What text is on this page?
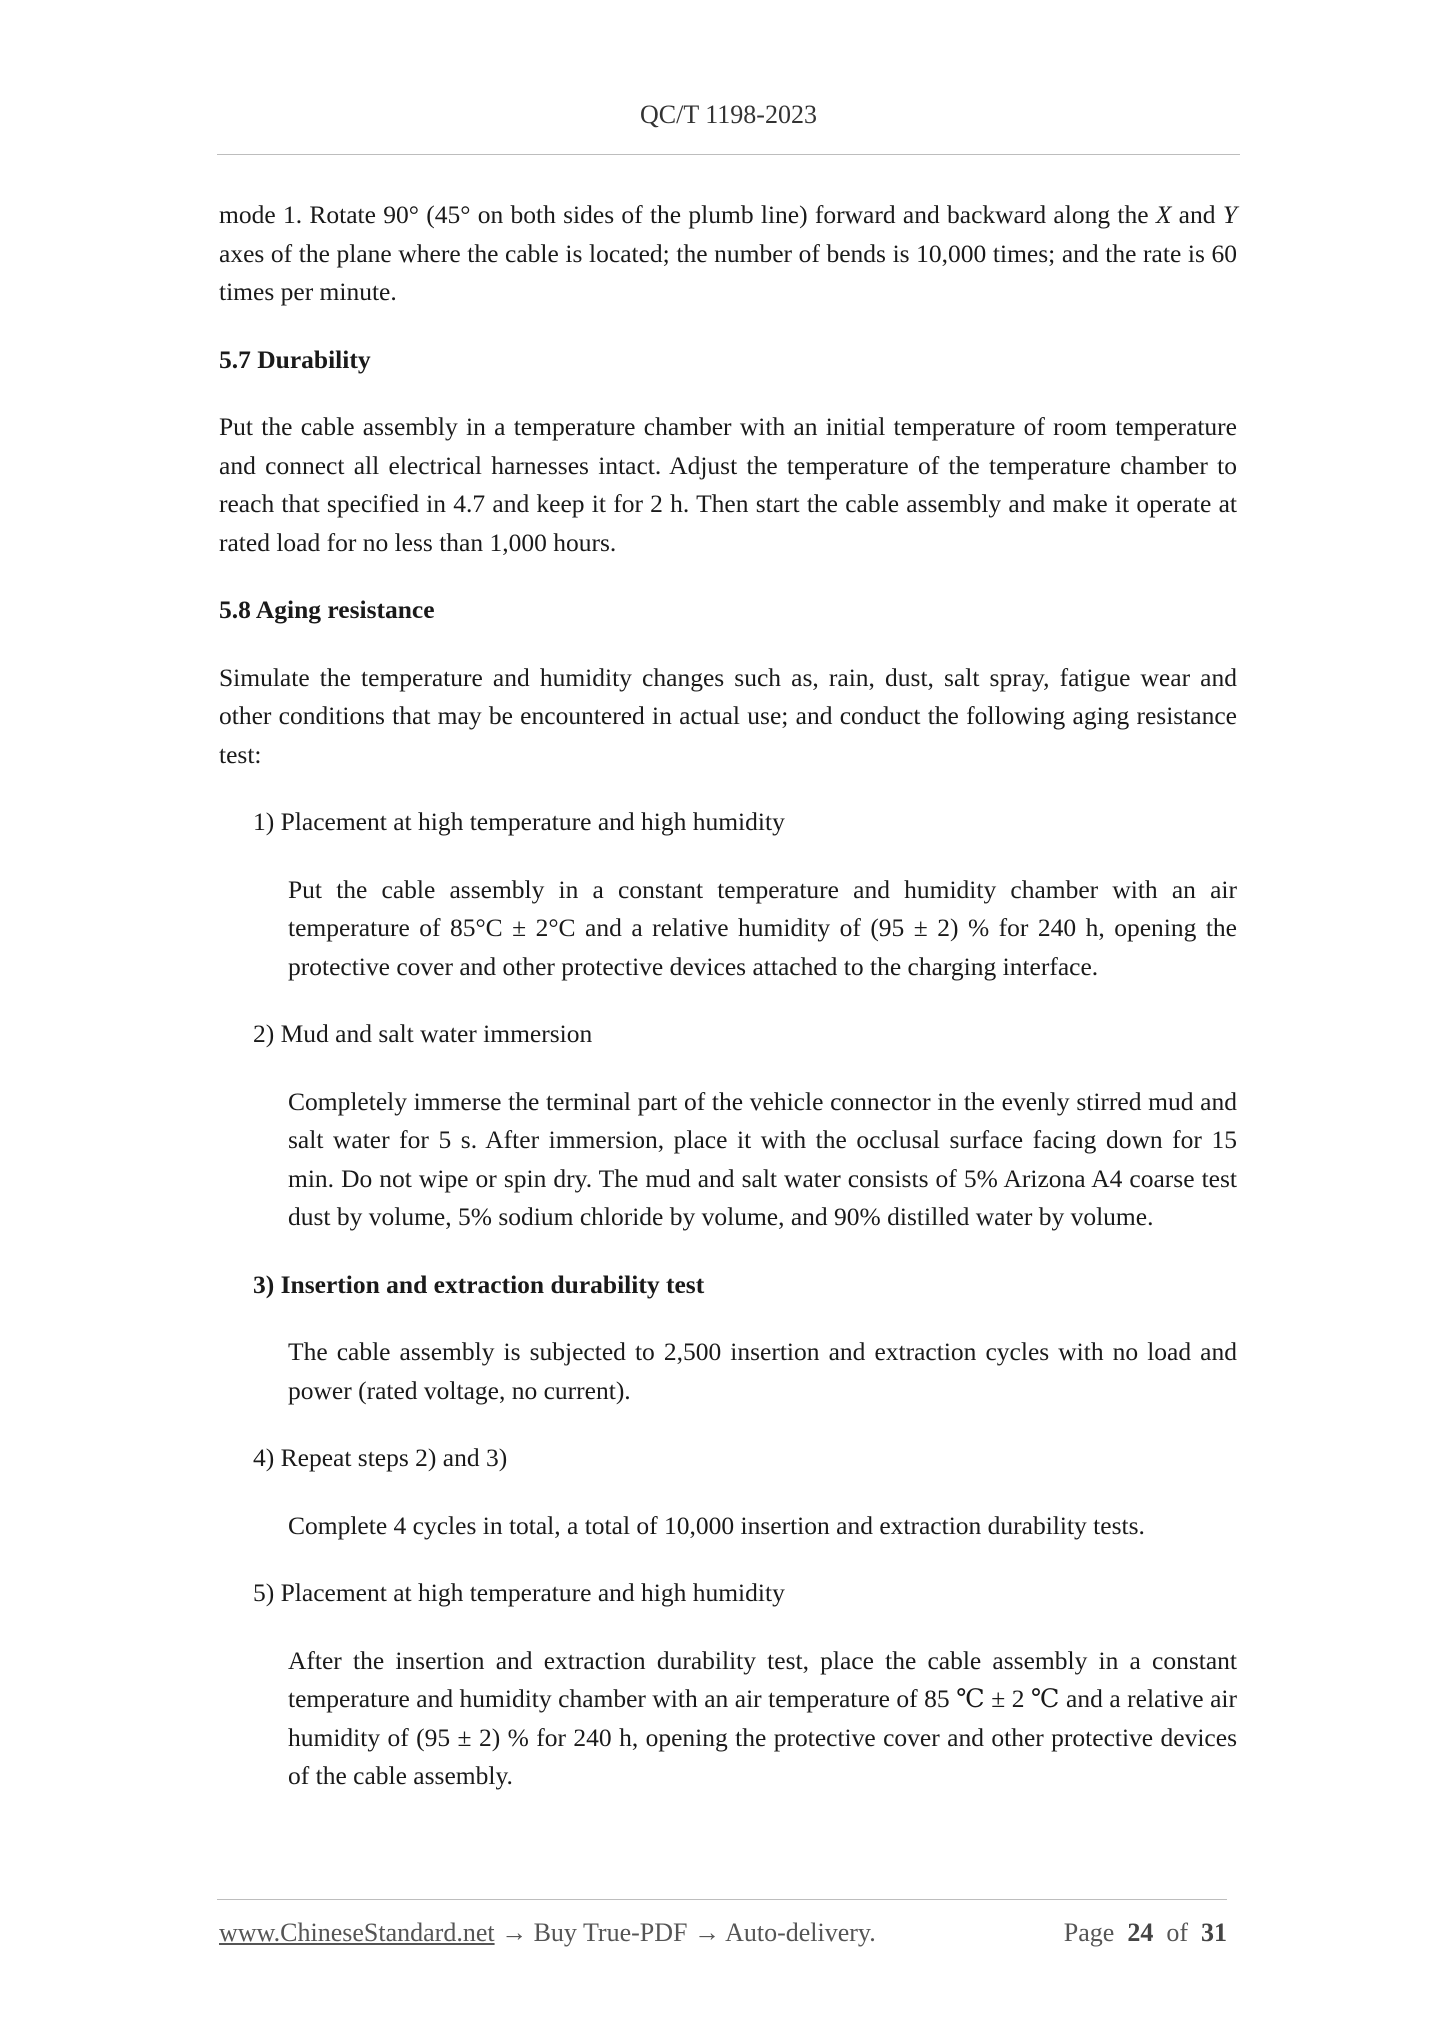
QC/T 1198-2023

mode 1. Rotate 90° (45° on both sides of the plumb line) forward and backward along the X and Y axes of the plane where the cable is located; the number of bends is 10,000 times; and the rate is 60 times per minute.

5.7 Durability

Put the cable assembly in a temperature chamber with an initial temperature of room temperature and connect all electrical harnesses intact. Adjust the temperature of the temperature chamber to reach that specified in 4.7 and keep it for 2 h. Then start the cable assembly and make it operate at rated load for no less than 1,000 hours.

5.8 Aging resistance

Simulate the temperature and humidity changes such as, rain, dust, salt spray, fatigue wear and other conditions that may be encountered in actual use; and conduct the following aging resistance test:

1) Placement at high temperature and high humidity

Put the cable assembly in a constant temperature and humidity chamber with an air temperature of 85°C ± 2°C and a relative humidity of (95 ± 2) % for 240 h, opening the protective cover and other protective devices attached to the charging interface.

2) Mud and salt water immersion

Completely immerse the terminal part of the vehicle connector in the evenly stirred mud and salt water for 5 s. After immersion, place it with the occlusal surface facing down for 15 min. Do not wipe or spin dry. The mud and salt water consists of 5% Arizona A4 coarse test dust by volume, 5% sodium chloride by volume, and 90% distilled water by volume.

3) Insertion and extraction durability test

The cable assembly is subjected to 2,500 insertion and extraction cycles with no load and power (rated voltage, no current).

4) Repeat steps 2) and 3)

Complete 4 cycles in total, a total of 10,000 insertion and extraction durability tests.

5) Placement at high temperature and high humidity

After the insertion and extraction durability test, place the cable assembly in a constant temperature and humidity chamber with an air temperature of 85 ℃ ± 2 ℃ and a relative air humidity of (95 ± 2) % for 240 h, opening the protective cover and other protective devices of the cable assembly.

www.ChineseStandard.net → Buy True-PDF → Auto-delivery.	Page 24 of 31
